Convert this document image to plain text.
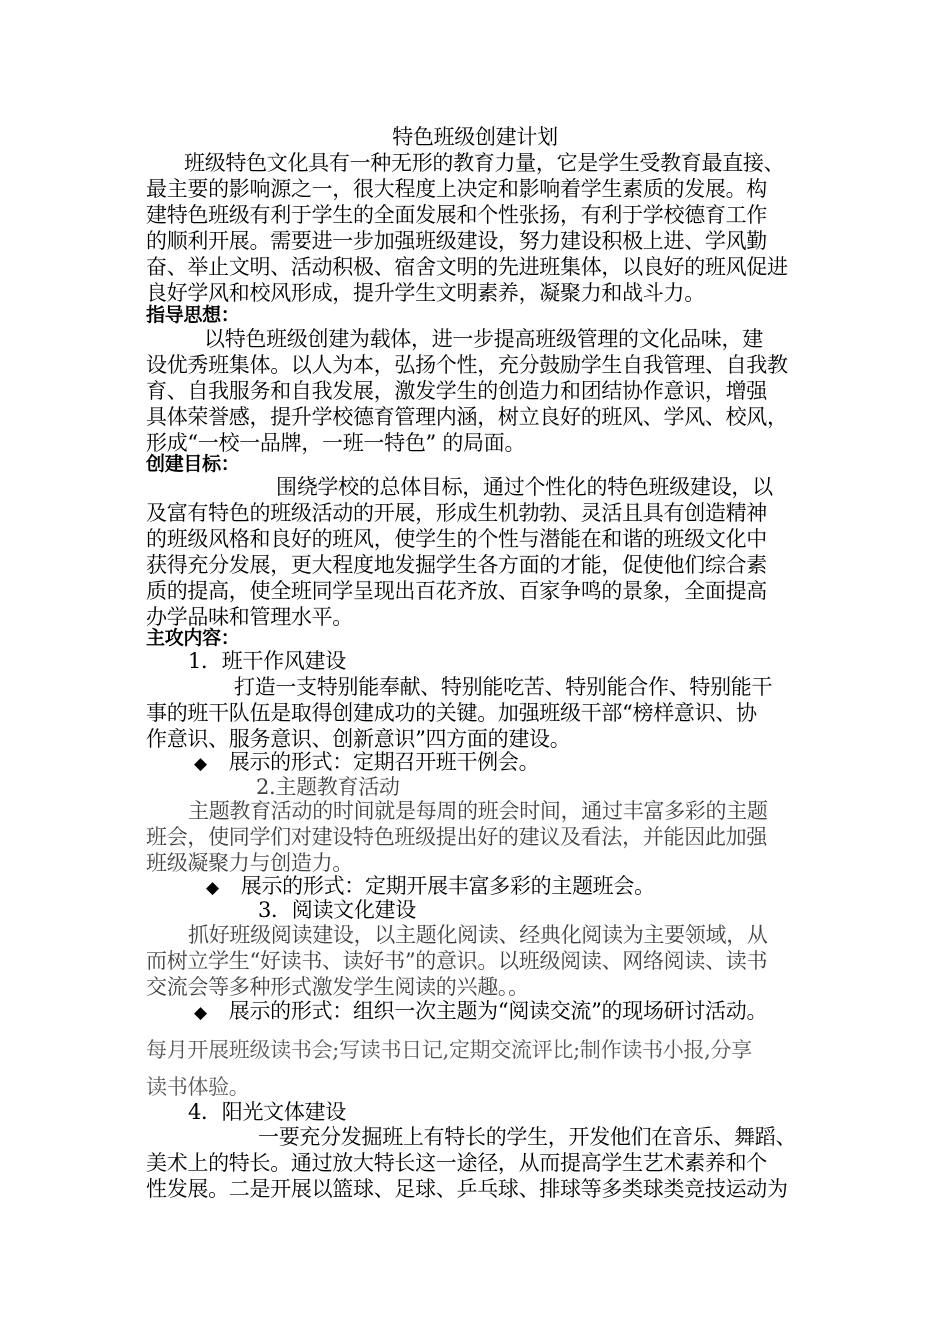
特色班级创建计划
班级特色文化具有一种无形的教育力量，它是学生受教育最直接、
最主要的影响源之一，很大程度上决定和影响着学生素质的发展。构
建特色班级有利于学生的全面发展和个性张扬，有利于学校德育工作
的顺利开展。需要进一步加强班级建设，努力建设积极上进、学风勤
奋、举止文明、活动积极、宿舍文明的先进班集体，以良好的班风促进
良好学风和校风形成，提升学生文明素养，凝聚力和战斗力。
指导思想：
以特色班级创建为载体，进一步提高班级管理的文化品味，建
设优秀班集体。以人为本，弘扬个性，充分鼓励学生自我管理、自我教
育、自我服务和自我发展，激发学生的创造力和团结协作意识，增强
具体荣誉感，提升学校德育管理内涵，树立良好的班风、学风、校风，
形成“一校一品牌，一班一特色” 的局面。
创建目标：
围绕学校的总体目标，通过个性化的特色班级建设，以
及富有特色的班级活动的开展，形成生机勃勃、灵活且具有创造精神
的班级风格和良好的班风，使学生的个性与潜能在和谐的班级文化中
获得充分发展，更大程度地发掘学生各方面的才能，促使他们综合素
质的提高，使全班同学呈现出百花齐放、百家争鸣的景象，全面提高
办学品味和管理水平。
主攻内容：
1．班干作风建设
打造一支特别能奉献、特别能吃苦、特别能合作、特别能干
事的班干队伍是取得创建成功的关键。加强班级干部“榜样意识、协
作意识、服务意识、创新意识”四方面的建设。
◆ 展示的形式：定期召开班干例会。
2.主题教育活动
主题教育活动的时间就是每周的班会时间，通过丰富多彩的主题
班会，使同学们对建设特色班级提出好的建议及看法，并能因此加强
班级凝聚力与创造力。
◆ 展示的形式：定期开展丰富多彩的主题班会。
3．阅读文化建设
抓好班级阅读建设，以主题化阅读、经典化阅读为主要领域，从
而树立学生“好读书、读好书”的意识。以班级阅读、网络阅读、读书
交流会等多种形式激发学生阅读的兴趣。。
◆ 展示的形式：组织一次主题为“阅读交流”的现场研讨活动。
每月开展班级读书会;写读书日记,定期交流评比;制作读书小报,分享
读书体验。
4．阳光文体建设
一要充分发掘班上有特长的学生，开发他们在音乐、舞蹈、
美术上的特长。通过放大特长这一途径，从而提高学生艺术素养和个
性发展。二是开展以篮球、足球、乒乓球、排球等多类球类竞技运动为
